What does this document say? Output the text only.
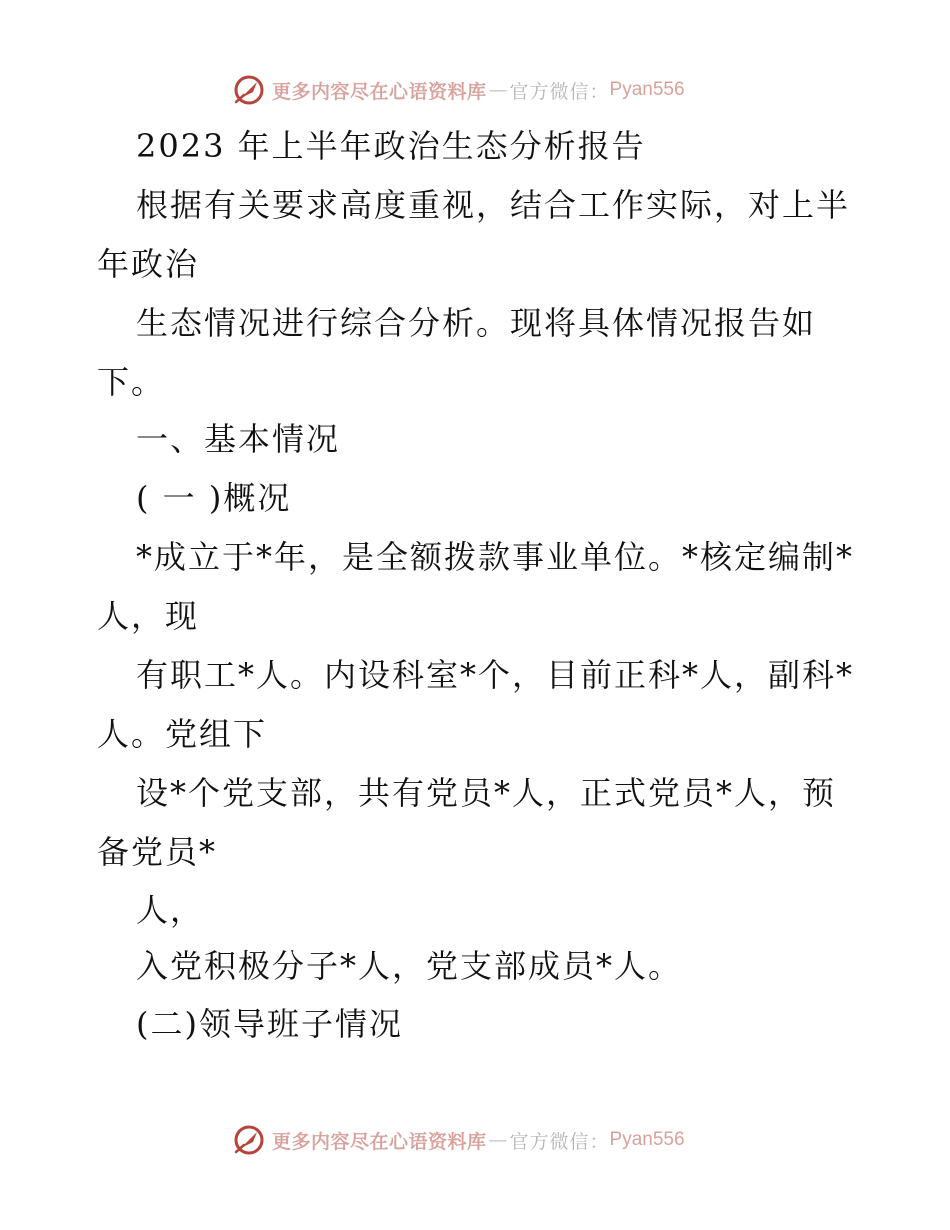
更多内容尽在心语资料库 — 官方微信： Pyan556
2023 年上半年政治生态分析报告
根据有关要求高度重视，结合工作实际，对上半
年政治
生态情况进行综合分析。现将具体情况报告如
下。
一、基本情况
( 一 )概况
*成立于*年，是全额拨款事业单位。*核定编制*
人，现
有职工*人。内设科室*个，目前正科*人，副科*
人。党组下
设*个党支部，共有党员*人，正式党员*人，预
备党员*
人，
入党积极分子*人，党支部成员*人。
(二)领导班子情况
更多内容尽在心语资料库 — 官方微信： Pyan556
